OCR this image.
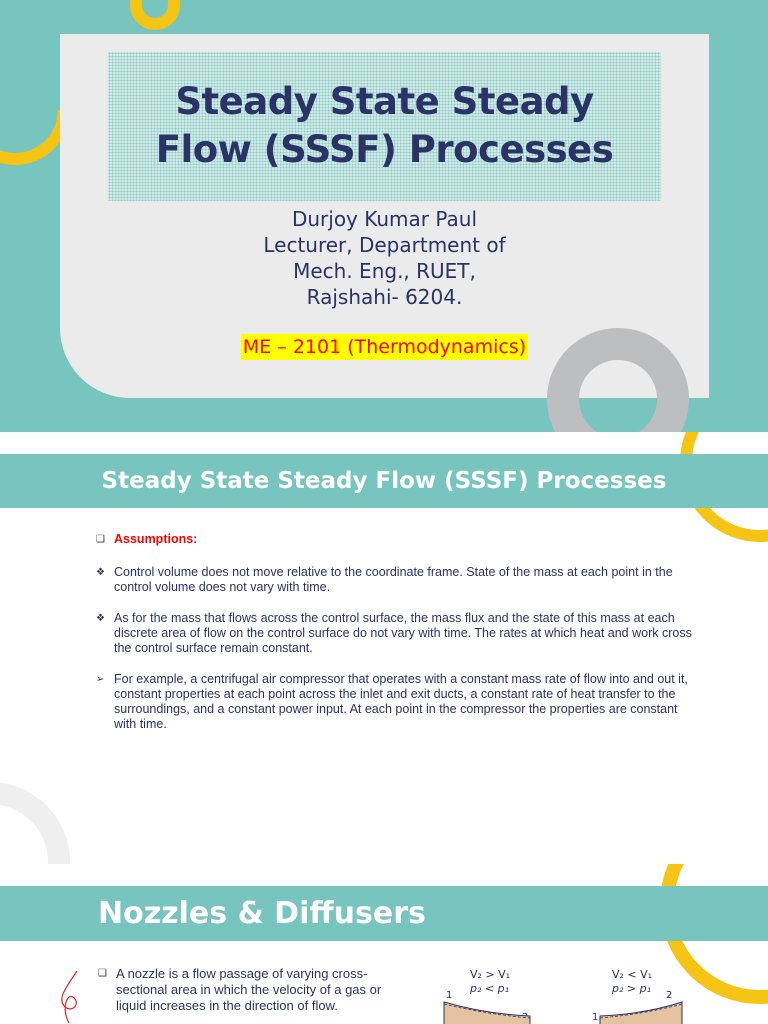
Steady State Steady
Flow (SSSF) Processes
Durjoy Kumar Paul
Lecturer, Department of
Mech. Eng., RUET,
Rajshahi- 6204.
ME – 2101 (Thermodynamics)
Steady State Steady Flow (SSSF) Processes
❑ Assumptions:
❖ Control volume does not move relative to the coordinate frame. State of the mass at each point in the control volume does not vary with time.
❖ As for the mass that flows across the control surface, the mass flux and the state of this mass at each discrete area of flow on the control surface do not vary with time. The rates at which heat and work cross the control surface remain constant.
➢ For example, a centrifugal air compressor that operates with a constant mass rate of flow into and out it, constant properties at each point across the inlet and exit ducts, a constant rate of heat transfer to the surroundings, and a constant power input. At each point in the compressor the properties are constant with time.
Nozzles & Diffusers
❑ A nozzle is a flow passage of varying cross-sectional area in which the velocity of a gas or liquid increases in the direction of flow.
V₂ > V₁
p₂ < p₁
1
V₂ < V₁
p₂ > p₁
1
2
